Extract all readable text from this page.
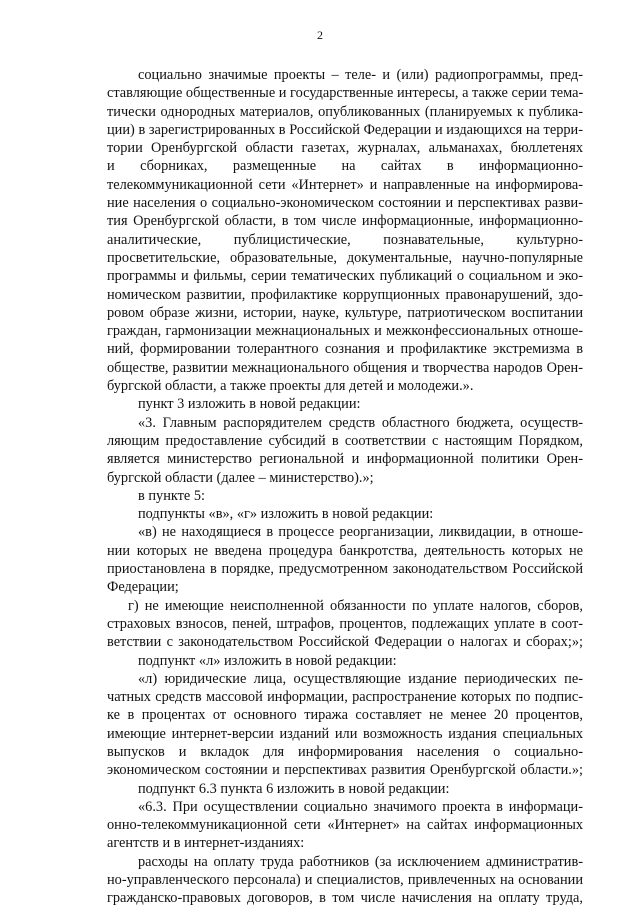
2
социально значимые проекты – теле- и (или) радиопрограммы, пред-
ставляющие общественные и государственные интересы, а также серии тема-
тически однородных материалов, опубликованных (планируемых к публика-
ции) в зарегистрированных в Российской Федерации и издающихся на терри-
тории Оренбургской области газетах, журналах, альманахах, бюллетенях
и сборниках, размещенные на сайтах в информационно-
телекоммуникационной сети «Интернет» и направленные на информирова-
ние населения о социально-экономическом состоянии и перспективах разви-
тия Оренбургской области, в том числе информационные, информационно-
аналитические, публицистические, познавательные, культурно-
просветительские, образовательные, документальные, научно-популярные
программы и фильмы, серии тематических публикаций о социальном и эко-
номическом развитии, профилактике коррупционных правонарушений, здо-
ровом образе жизни, истории, науке, культуре, патриотическом воспитании
граждан, гармонизации межнациональных и межконфессиональных отноше-
ний, формировании толерантного сознания и профилактике экстремизма в
обществе, развитии межнационального общения и творчества народов Орен-
бургской области, а также проекты для детей и молодежи.».
пункт 3 изложить в новой редакции:
«3. Главным распорядителем средств областного бюджета, осуществ-
ляющим предоставление субсидий в соответствии с настоящим Порядком,
является министерство региональной и информационной политики Орен-
бургской области (далее – министерство).»;
в пункте 5:
подпункты «в», «г» изложить в новой редакции:
«в) не находящиеся в процессе реорганизации, ликвидации, в отноше-
нии которых не введена процедура банкротства, деятельность которых не
приостановлена в порядке, предусмотренном законодательством Российской
Федерации;
г) не имеющие неисполненной обязанности по уплате налогов, сборов,
страховых взносов, пеней, штрафов, процентов, подлежащих уплате в соот-
ветствии с законодательством Российской Федерации о налогах и сборах;»;
подпункт «л» изложить в новой редакции:
«л) юридические лица, осуществляющие издание периодических пе-
чатных средств массовой информации, распространение которых по подпис-
ке в процентах от основного тиража составляет не менее 20 процентов,
имеющие интернет-версии изданий или возможность издания специальных
выпусков и вкладок для информирования населения о социально-
экономическом состоянии и перспективах развития Оренбургской области.»;
подпункт 6.3 пункта 6 изложить в новой редакции:
«6.3. При осуществлении социально значимого проекта в информаци-
онно-телекоммуникационной сети «Интернет» на сайтах информационных
агентств и в интернет-изданиях:
расходы на оплату труда работников (за исключением административ-
но-управленческого персонала) и специалистов, привлеченных на основании
гражданско-правовых договоров, в том числе начисления на оплату труда,
